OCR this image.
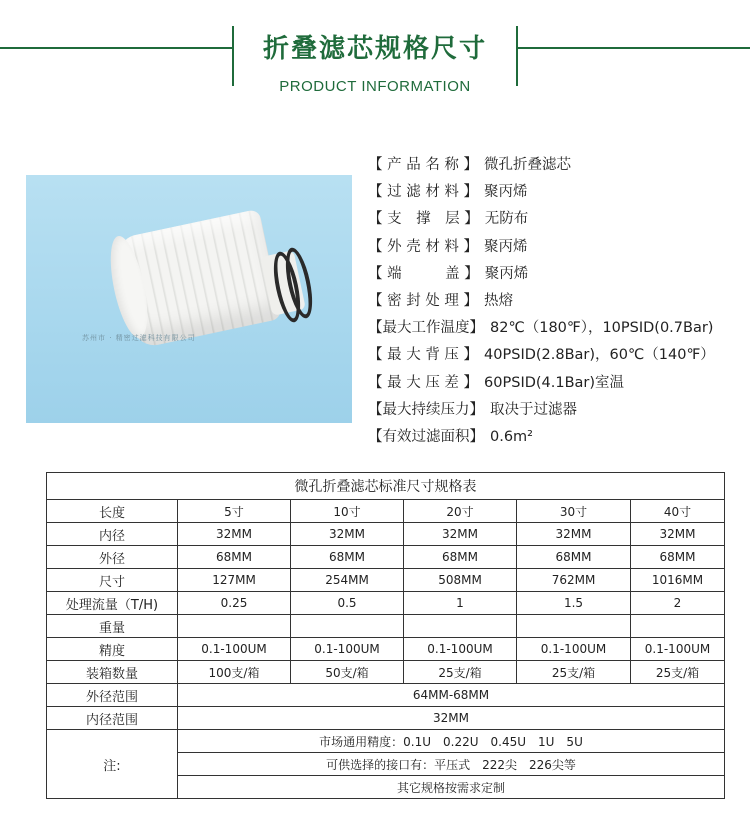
折叠滤芯规格尺寸
PRODUCT INFORMATION
苏州市 · 精密过滤科技有限公司
【 产 品 名 称 】 微孔折叠滤芯
【 过 滤 材 料 】 聚丙烯
【 支　撑　层 】 无防布
【 外 壳 材 料 】 聚丙烯
【 端　　　盖 】 聚丙烯
【 密 封 处 理 】 热熔
【最大工作温度】 82℃（180℉），10PSID(0.7Bar)
【 最 大 背 压 】 40PSID(2.8Bar)，60℃（140℉）
【 最 大 压 差 】 60PSID(4.1Bar)室温
【最大持续压力】 取决于过滤器
【有效过滤面积】 0.6m²
微孔折叠滤芯标准尺寸规格表					
长度	5寸	10寸	20寸	30寸	40寸
内径	32MM	32MM	32MM	32MM	32MM
外径	68MM	68MM	68MM	68MM	68MM
尺寸	127MM	254MM	508MM	762MM	1016MM
处理流量（T/H)	0.25	0.5	1	1.5	2
重量					
精度	0.1-100UM	0.1-100UM	0.1-100UM	0.1-100UM	0.1-100UM
装箱数量	100支/箱	50支/箱	25支/箱	25支/箱	25支/箱
外径范围	64MM-68MM				
内径范围	32MM				
注:	市场通用精度：0.1U　0.22U　0.45U　1U　5U				
	可供选择的接口有：平压式　222尖　226尖等				
	其它规格按需求定制				
